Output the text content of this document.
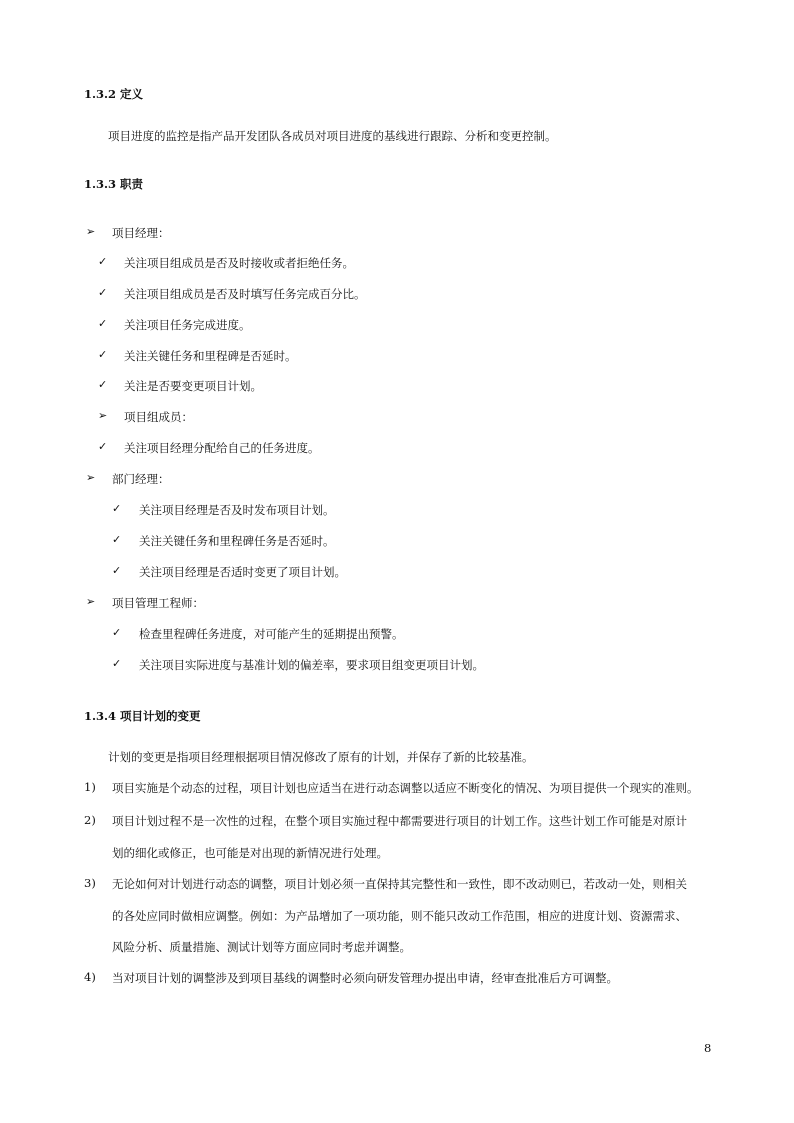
1.3.2 定义
项目进度的监控是指产品开发团队各成员对项目进度的基线进行跟踪、分析和变更控制。
1.3.3 职责
➢ 项目经理：
✓ 关注项目组成员是否及时接收或者拒绝任务。
✓ 关注项目组成员是否及时填写任务完成百分比。
✓ 关注项目任务完成进度。
✓ 关注关键任务和里程碑是否延时。
✓ 关注是否要变更项目计划。
➢ 项目组成员：
✓ 关注项目经理分配给自己的任务进度。
➢ 部门经理：
✓ 关注项目经理是否及时发布项目计划。
✓ 关注关键任务和里程碑任务是否延时。
✓ 关注项目经理是否适时变更了项目计划。
➢ 项目管理工程师：
✓ 检查里程碑任务进度，对可能产生的延期提出预警。
✓ 关注项目实际进度与基准计划的偏差率，要求项目组变更项目计划。
1.3.4 项目计划的变更
计划的变更是指项目经理根据项目情况修改了原有的计划，并保存了新的比较基准。
1) 项目实施是个动态的过程，项目计划也应适当在进行动态调整以适应不断变化的情况、为项目提供一个现实的准则。
2) 项目计划过程不是一次性的过程，在整个项目实施过程中都需要进行项目的计划工作。这些计划工作可能是对原计
划的细化或修正，也可能是对出现的新情况进行处理。
3) 无论如何对计划进行动态的调整，项目计划必须一直保持其完整性和一致性，即不改动则已，若改动一处，则相关
的各处应同时做相应调整。例如：为产品增加了一项功能，则不能只改动工作范围，相应的进度计划、资源需求、
风险分析、质量措施、测试计划等方面应同时考虑并调整。
4) 当对项目计划的调整涉及到项目基线的调整时必须向研发管理办提出申请，经审查批准后方可调整。
8
